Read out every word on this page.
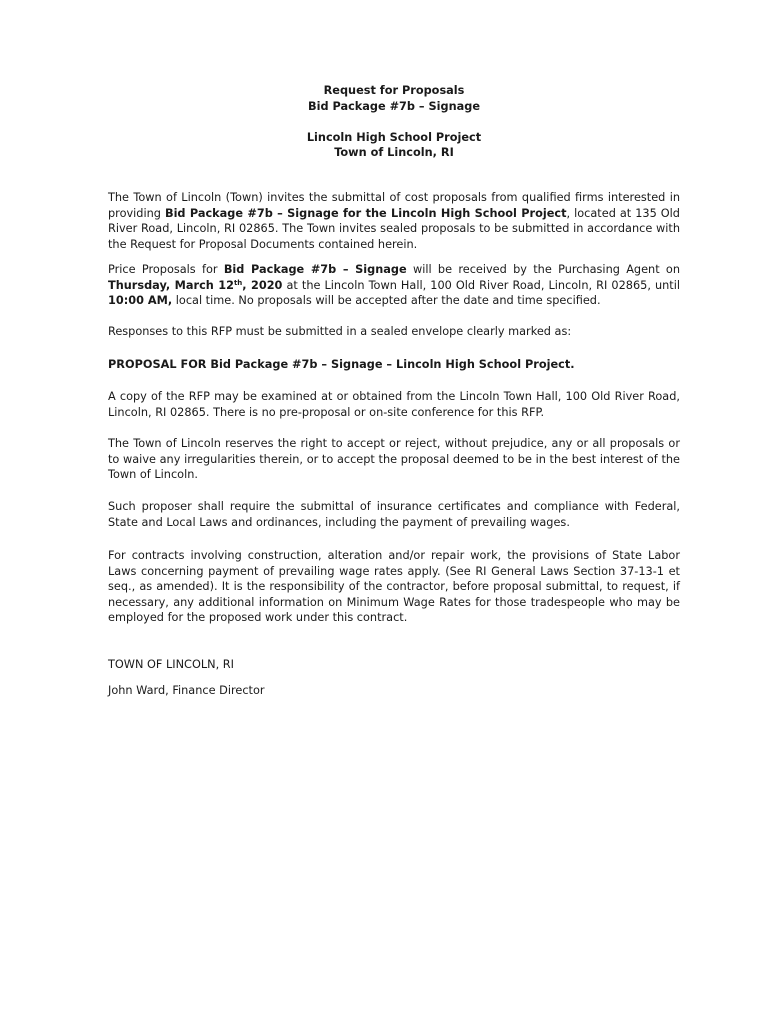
Request for Proposals
Bid Package #7b – Signage
Lincoln High School Project
Town of Lincoln, RI

The Town of Lincoln (Town) invites the submittal of cost proposals from qualified firms interested in providing Bid Package #7b – Signage for the Lincoln High School Project, located at 135 Old River Road, Lincoln, RI 02865. The Town invites sealed proposals to be submitted in accordance with the Request for Proposal Documents contained herein.

Price Proposals for Bid Package #7b – Signage will be received by the Purchasing Agent on Thursday, March 12th, 2020 at the Lincoln Town Hall, 100 Old River Road, Lincoln, RI 02865, until 10:00 AM, local time. No proposals will be accepted after the date and time specified.

Responses to this RFP must be submitted in a sealed envelope clearly marked as:

PROPOSAL FOR Bid Package #7b – Signage – Lincoln High School Project.

A copy of the RFP may be examined at or obtained from the Lincoln Town Hall, 100 Old River Road, Lincoln, RI 02865. There is no pre-proposal or on-site conference for this RFP.

The Town of Lincoln reserves the right to accept or reject, without prejudice, any or all proposals or to waive any irregularities therein, or to accept the proposal deemed to be in the best interest of the Town of Lincoln.

Such proposer shall require the submittal of insurance certificates and compliance with Federal, State and Local Laws and ordinances, including the payment of prevailing wages.

For contracts involving construction, alteration and/or repair work, the provisions of State Labor Laws concerning payment of prevailing wage rates apply. (See RI General Laws Section 37-13-1 et seq., as amended). It is the responsibility of the contractor, before proposal submittal, to request, if necessary, any additional information on Minimum Wage Rates for those tradespeople who may be employed for the proposed work under this contract.

TOWN OF LINCOLN, RI
John Ward, Finance Director
